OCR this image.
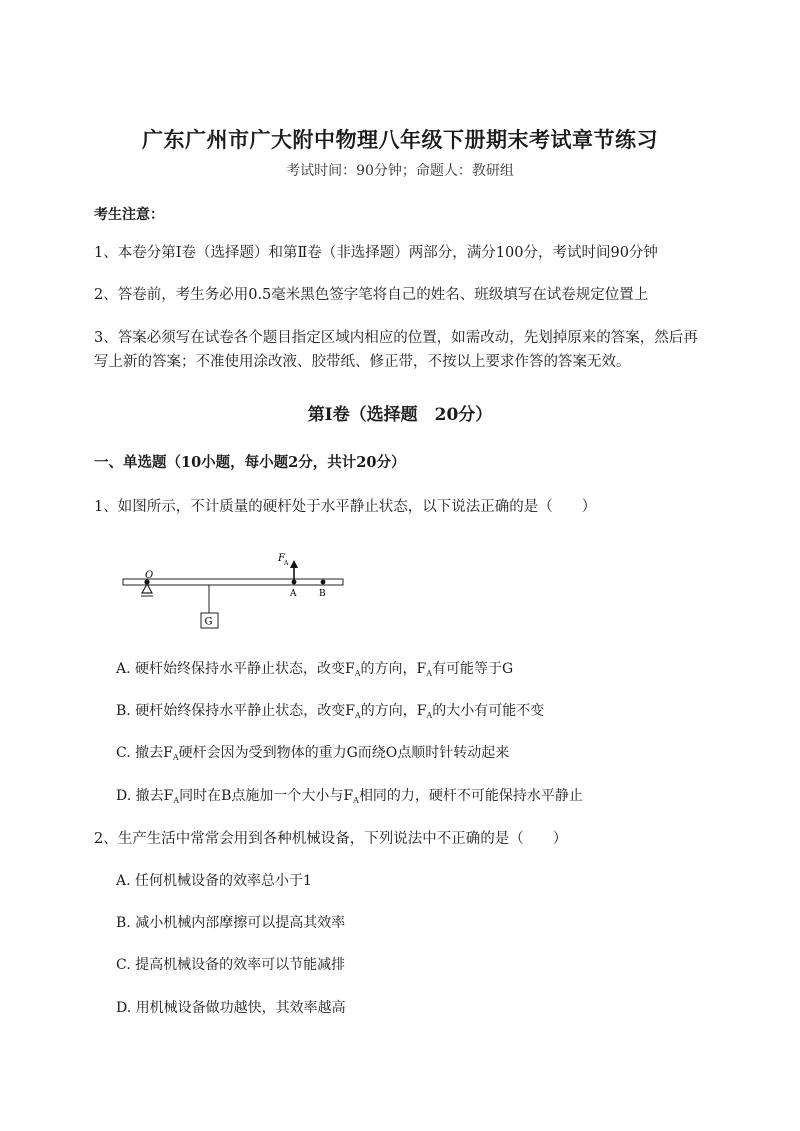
广东广州市广大附中物理八年级下册期末考试章节练习
考试时间：90分钟；命题人：教研组
考生注意：
1、本卷分第I卷（选择题）和第Ⅱ卷（非选择题）两部分，满分100分，考试时间90分钟
2、答卷前，考生务必用0.5毫米黑色签字笔将自己的姓名、班级填写在试卷规定位置上
3、答案必须写在试卷各个题目指定区域内相应的位置，如需改动，先划掉原来的答案，然后再写上新的答案；不准使用涂改液、胶带纸、修正带，不按以上要求作答的答案无效。
第I卷（选择题　20分）
一、单选题（10小题，每小题2分，共计20分）
1、如图所示，不计质量的硬杆处于水平静止状态，以下说法正确的是（　　）
O
G
F A
A	B
A. 硬杆始终保持水平静止状态，改变$F_A$的方向，$F_A$有可能等于G
B. 硬杆始终保持水平静止状态，改变$F_A$的方向，$F_A$的大小有可能不变
C. 撤去$F_A$硬杆会因为受到物体的重力G而绕O点顺时针转动起来
D. 撤去$F_A$同时在B点施加一个大小与$F_A$相同的力，硬杆不可能保持水平静止
2、生产生活中常常会用到各种机械设备，下列说法中不正确的是（　　）
A. 任何机械设备的效率总小于1
B. 减小机械内部摩擦可以提高其效率
C. 提高机械设备的效率可以节能减排
D. 用机械设备做功越快，其效率越高
